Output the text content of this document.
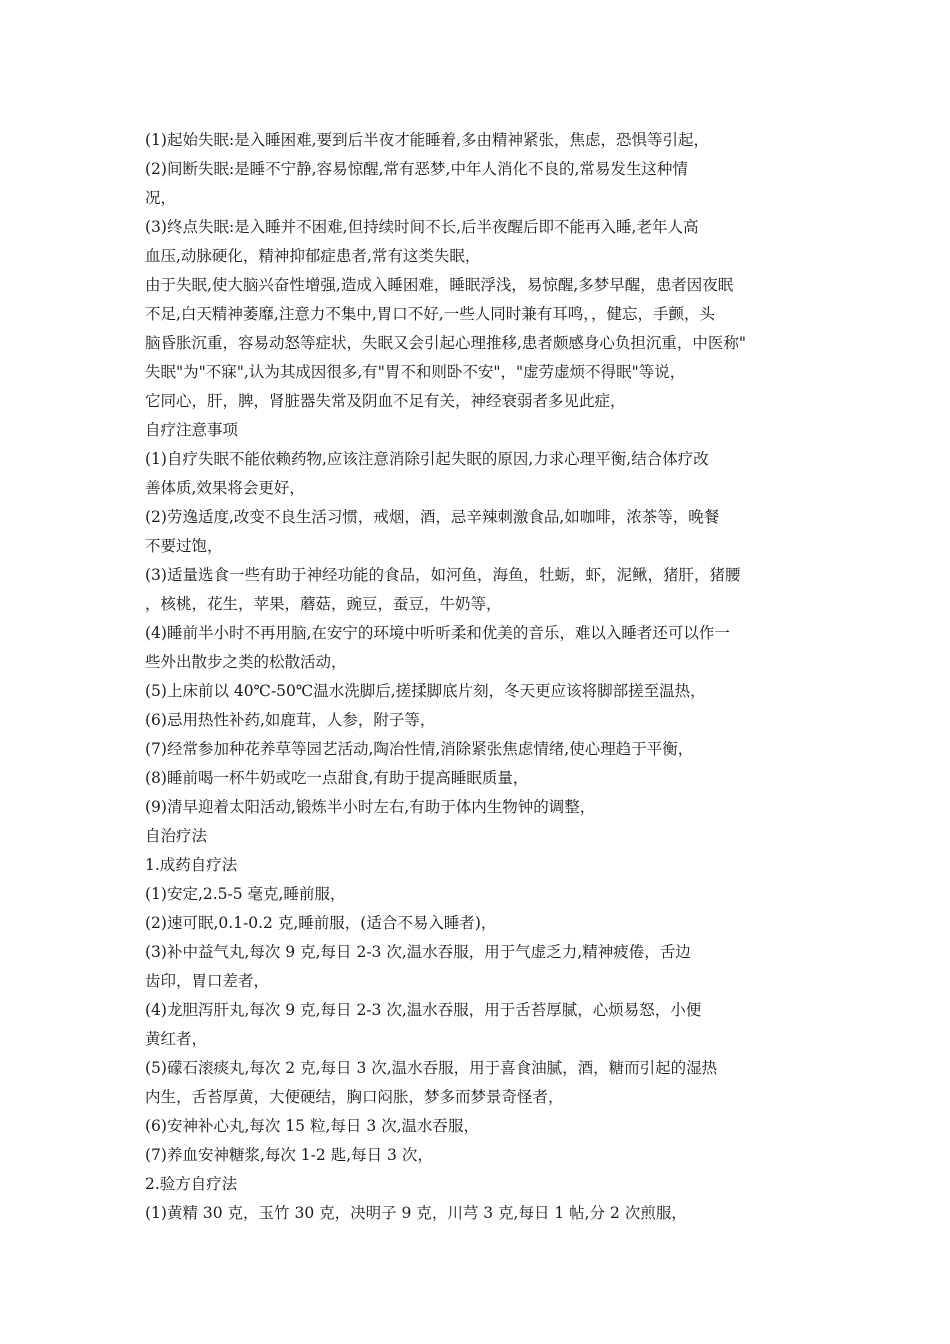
(1)起始失眠:是入睡困难,要到后半夜才能睡着,多由精神紧张，焦虑，恐惧等引起，
(2)间断失眠:是睡不宁静,容易惊醒,常有恶梦,中年人消化不良的,常易发生这种情
况，
(3)终点失眠:是入睡并不困难,但持续时间不长,后半夜醒后即不能再入睡,老年人高
血压,动脉硬化，精神抑郁症患者,常有这类失眠，
由于失眠,使大脑兴奋性增强,造成入睡困难，睡眠浮浅，易惊醒,多梦早醒，患者因夜眠
不足,白天精神萎靡,注意力不集中,胃口不好,一些人同时兼有耳鸣，，健忘，手颤，头
脑昏胀沉重，容易动怒等症状，失眠又会引起心理推移,患者颇感身心负担沉重，中医称"
失眠"为"不寐",认为其成因很多,有"胃不和则卧不安"，"虚劳虚烦不得眠"等说，
它同心，肝，脾，肾脏器失常及阴血不足有关，神经衰弱者多见此症，
自疗注意事项
(1)自疗失眠不能依赖药物,应该注意消除引起失眠的原因,力求心理平衡,结合体疗改
善体质,效果将会更好，
(2)劳逸适度,改变不良生活习惯，戒烟，酒，忌辛辣刺激食品,如咖啡，浓茶等，晚餐
不要过饱，
(3)适量选食一些有助于神经功能的食品，如河鱼，海鱼，牡蛎，虾，泥鳅，猪肝，猪腰
，核桃，花生，苹果，蘑菇，豌豆，蚕豆，牛奶等，
(4)睡前半小时不再用脑,在安宁的环境中听听柔和优美的音乐，难以入睡者还可以作一
些外出散步之类的松散活动，
(5)上床前以 40℃-50℃温水洗脚后,搓揉脚底片刻，冬天更应该将脚部搓至温热，
(6)忌用热性补药,如鹿茸，人参，附子等，
(7)经常参加种花养草等园艺活动,陶冶性情,消除紧张焦虑情绪,使心理趋于平衡，
(8)睡前喝一杯牛奶或吃一点甜食,有助于提高睡眠质量，
(9)清早迎着太阳活动,锻炼半小时左右,有助于体内生物钟的调整，
自治疗法
1.成药自疗法
(1)安定,2.5-5 毫克,睡前服，
(2)速可眠,0.1-0.2 克,睡前服，(适合不易入睡者)，
(3)补中益气丸,每次 9 克,每日 2-3 次,温水吞服，用于气虚乏力,精神疲倦，舌边
齿印，胃口差者，
(4)龙胆泻肝丸,每次 9 克,每日 2-3 次,温水吞服，用于舌苔厚腻，心烦易怒，小便
黄红者，
(5)礞石滚痰丸,每次 2 克,每日 3 次,温水吞服，用于喜食油腻，酒，糖而引起的湿热
内生，舌苔厚黄，大便硬结，胸口闷胀，梦多而梦景奇怪者，
(6)安神补心丸,每次 15 粒,每日 3 次,温水吞服，
(7)养血安神糖浆,每次 1-2 匙,每日 3 次，
2.验方自疗法
(1)黄精 30 克，玉竹 30 克，决明子 9 克，川芎 3 克,每日 1 帖,分 2 次煎服，
